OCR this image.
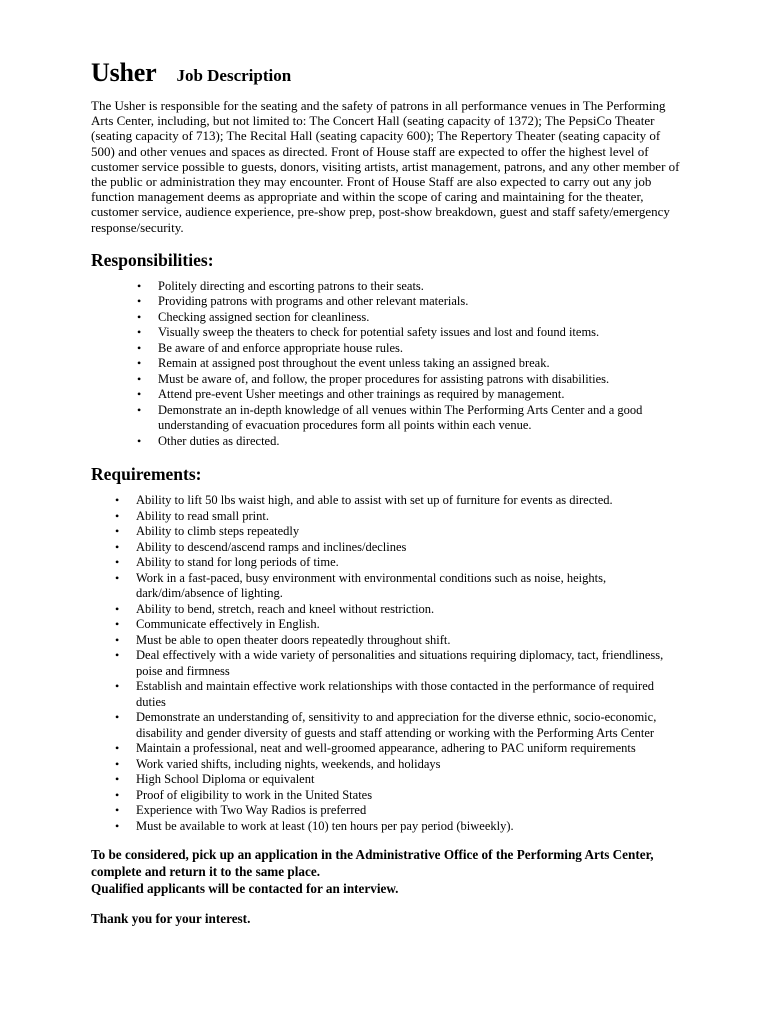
Usher Job Description

The Usher is responsible for the seating and the safety of patrons in all performance venues in The Performing Arts Center, including, but not limited to: The Concert Hall (seating capacity of 1372); The PepsiCo Theater (seating capacity of 713); The Recital Hall (seating capacity 600); The Repertory Theater (seating capacity of 500) and other venues and spaces as directed. Front of House staff are expected to offer the highest level of customer service possible to guests, donors, visiting artists, artist management, patrons, and any other member of the public or administration they may encounter. Front of House Staff are also expected to carry out any job function management deems as appropriate and within the scope of caring and maintaining for the theater, customer service, audience experience, pre-show prep, post-show breakdown, guest and staff safety/emergency response/security.

Responsibilities:
• Politely directing and escorting patrons to their seats.
• Providing patrons with programs and other relevant materials.
• Checking assigned section for cleanliness.
• Visually sweep the theaters to check for potential safety issues and lost and found items.
• Be aware of and enforce appropriate house rules.
• Remain at assigned post throughout the event unless taking an assigned break.
• Must be aware of, and follow, the proper procedures for assisting patrons with disabilities.
• Attend pre-event Usher meetings and other trainings as required by management.
• Demonstrate an in-depth knowledge of all venues within The Performing Arts Center and a good understanding of evacuation procedures form all points within each venue.
• Other duties as directed.
Requirements:
• Ability to lift 50 lbs waist high, and able to assist with set up of furniture for events as directed.
• Ability to read small print.
• Ability to climb steps repeatedly
• Ability to descend/ascend ramps and inclines/declines
• Ability to stand for long periods of time.
• Work in a fast-paced, busy environment with environmental conditions such as noise, heights, dark/dim/absence of lighting.
• Ability to bend, stretch, reach and kneel without restriction.
• Communicate effectively in English.
• Must be able to open theater doors repeatedly throughout shift.
• Deal effectively with a wide variety of personalities and situations requiring diplomacy, tact, friendliness, poise and firmness
• Establish and maintain effective work relationships with those contacted in the performance of required duties
• Demonstrate an understanding of, sensitivity to and appreciation for the diverse ethnic, socio-economic, disability and gender diversity of guests and staff attending or working with the Performing Arts Center
• Maintain a professional, neat and well-groomed appearance, adhering to PAC uniform requirements
• Work varied shifts, including nights, weekends, and holidays
• High School Diploma or equivalent
• Proof of eligibility to work in the United States
• Experience with Two Way Radios is preferred
• Must be available to work at least (10) ten hours per pay period (biweekly).
To be considered, pick up an application in the Administrative Office of the Performing Arts Center, complete and return it to the same place.
Qualified applicants will be contacted for an interview.
Thank you for your interest.
